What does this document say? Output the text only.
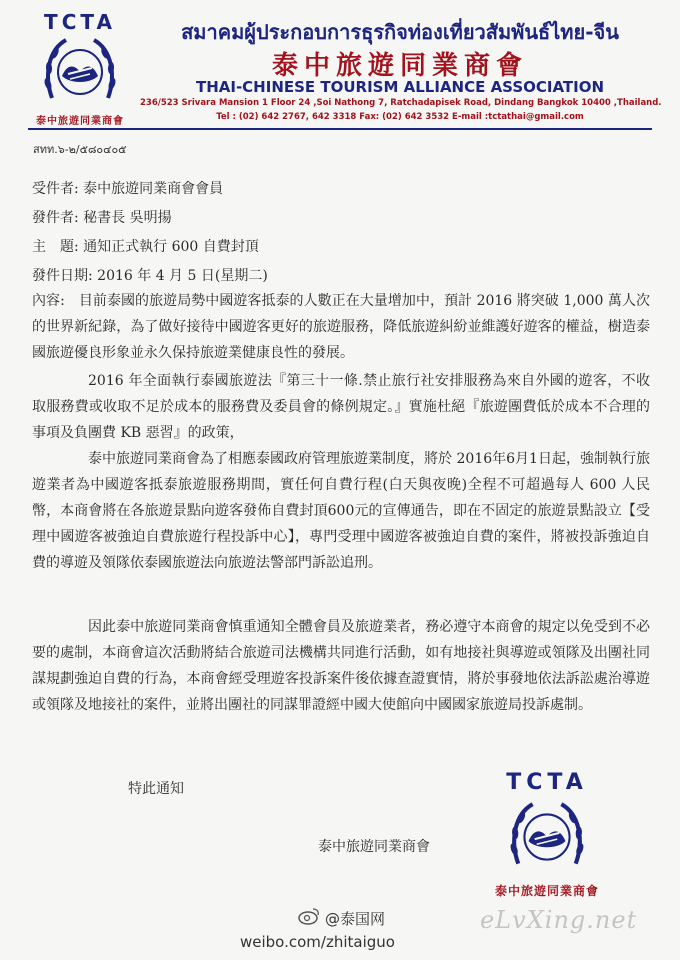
TCTA
泰中旅遊同業商會
สมาคมผู้ประกอบการธุรกิจท่องเที่ยวสัมพันธ์ไทย-จีน
泰中旅遊同業商會
THAI-CHINESE TOURISM ALLIANCE ASSOCIATION
236/523 Srivara Mansion 1 Floor 24 ,Soi Nathong 7, Ratchadapisek Road, Dindang Bangkok 10400 ,Thailand.
Tel : (02) 642 2767, 642 3318 Fax: (02) 642 3532 E-mail :tctathai@gmail.com
สทท.๖-๒/๕๘๐๔๐๕
受件者: 泰中旅遊同業商會會員
發件者: 秘書長 吳明揚
主　題: 通知正式執行 600 自費封頂
發件日期: 2016 年 4 月 5 日(星期二)
內容:　目前泰國的旅遊局勢中國遊客抵泰的人數正在大量增加中，預計 2016 將突破 1,000 萬人次的世界新紀錄，為了做好接待中國遊客更好的旅遊服務，降低旅遊糾紛並維護好遊客的權益，樹造泰國旅遊優良形象並永久保持旅遊業健康良性的發展。
2016 年全面執行泰國旅遊法『第三十一條.禁止旅行社安排服務為來自外國的遊客，不收取服務費或收取不足於成本的服務費及委員會的條例規定。』實施杜絕『旅遊團費低於成本不合理的事項及負團費 KB 惡習』的政策，
泰中旅遊同業商會為了相應泰國政府管理旅遊業制度，將於 2016年6月1日起，強制執行旅遊業者為中國遊客抵泰旅遊服務期間，實任何自費行程(白天與夜晚)全程不可超過每人 600 人民幣，本商會將在各旅遊景點向遊客發佈自費封頂600元的宣傳通告，即在不固定的旅遊景點設立【受理中國遊客被強迫自費旅遊行程投訴中心】，專門受理中國遊客被強迫自費的案件，將被投訴強迫自費的導遊及領隊依泰國旅遊法向旅遊法警部門訴訟追刑。
因此泰中旅遊同業商會慎重通知全體會員及旅遊業者，務必遵守本商會的規定以免受到不必要的處制，本商會這次活動將結合旅遊司法機構共同進行活動，如有地接社與導遊或領隊及出團社同謀規劃強迫自費的行為，本商會經受理遊客投訴案件後依據查證實情，將於事發地依法訴訟處治導遊或領隊及地接社的案件，並將出團社的同謀罪證經中國大使館向中國國家旅遊局投訴處制。
特此通知
泰中旅遊同業商會
TCTA
泰中旅遊同業商會
@泰国网
weibo.com/zhitaiguo
eLvXing.net
